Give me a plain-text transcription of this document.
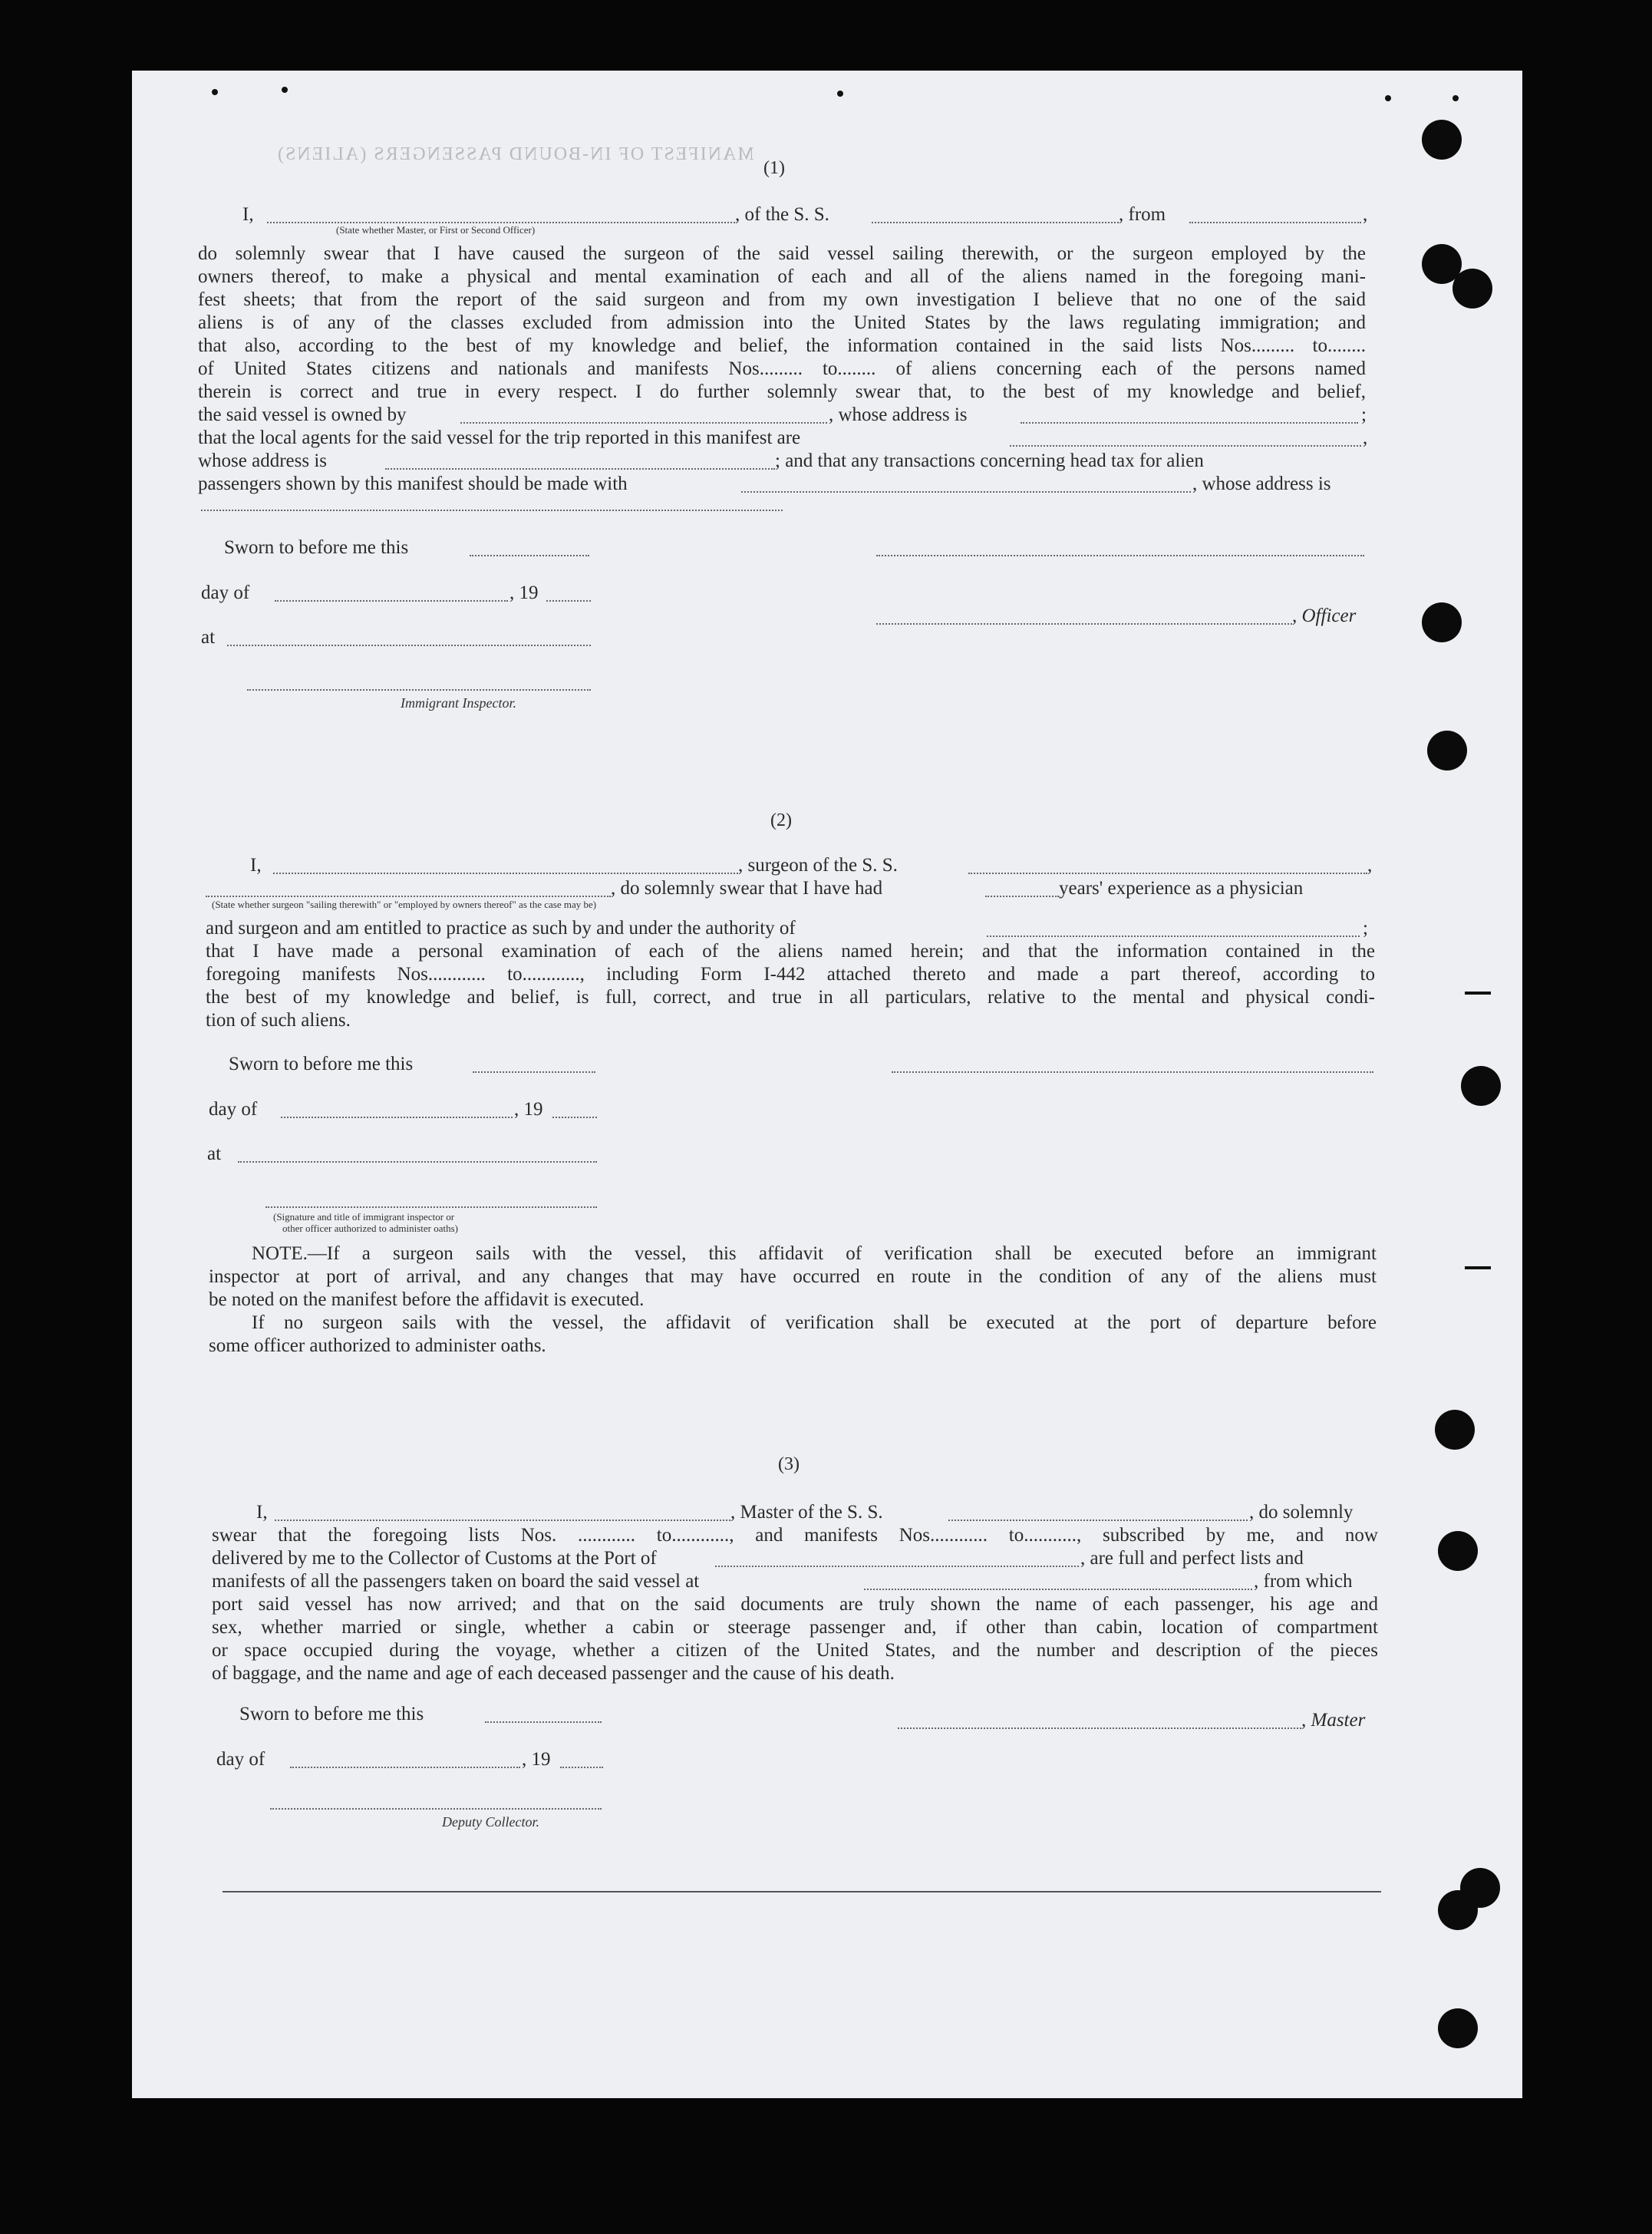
MANIFEST OF IN-BOUND PASSENGERS (ALIENS)
(1)
I,	, of the S. S.	, from	,
(State whether Master, or First or Second Officer)
do solemnly swear that I have caused the surgeon of the said vessel sailing therewith, or the surgeon employed by the
owners thereof, to make a physical and mental examination of each and all of the aliens named in the foregoing mani-
fest sheets; that from the report of the said surgeon and from my own investigation I believe that no one of the said
aliens is of any of the classes excluded from admission into the United States by the laws regulating immigration; and
that also, according to the best of my knowledge and belief, the information contained in the said lists Nos......... to........
of United States citizens and nationals and manifests Nos......... to........ of aliens concerning each of the persons named
therein is correct and true in every respect. I do further solemnly swear that, to the best of my knowledge and belief,
the said vessel is owned by	, whose address is	;
that the local agents for the said vessel for the trip reported in this manifest are	,
whose address is	; and that any transactions concerning head tax for alien
passengers shown by this manifest should be made with	, whose address is
Sworn to before me this
day of	, 19
, Officer
at
Immigrant Inspector.
(2)
I,	, surgeon of the S. S.	,
, do solemnly swear that I have had	years' experience as a physician
(State whether surgeon "sailing therewith" or "employed by owners thereof" as the case may be)
and surgeon and am entitled to practice as such by and under the authority of	;
that I have made a personal examination of each of the aliens named herein; and that the information contained in the
foregoing manifests Nos............ to............, including Form I-442 attached thereto and made a part thereof, according to
the best of my knowledge and belief, is full, correct, and true in all particulars, relative to the mental and physical condi-
tion of such aliens.
Sworn to before me this
day of	, 19
at
(Signature and title of immigrant inspector or
other officer authorized to administer oaths)
NOTE.—If a surgeon sails with the vessel, this affidavit of verification shall be executed before an immigrant
inspector at port of arrival, and any changes that may have occurred en route in the condition of any of the aliens must
be noted on the manifest before the affidavit is executed.
If no surgeon sails with the vessel, the affidavit of verification shall be executed at the port of departure before
some officer authorized to administer oaths.
(3)
I,	, Master of the S. S.	, do solemnly
swear that the foregoing lists Nos. ............ to............, and manifests Nos............ to..........., subscribed by me, and now
delivered by me to the Collector of Customs at the Port of	, are full and perfect lists and
manifests of all the passengers taken on board the said vessel at	, from which
port said vessel has now arrived; and that on the said documents are truly shown the name of each passenger, his age and
sex, whether married or single, whether a cabin or steerage passenger and, if other than cabin, location of compartment
or space occupied during the voyage, whether a citizen of the United States, and the number and description of the pieces
of baggage, and the name and age of each deceased passenger and the cause of his death.
Sworn to before me this	, Master
day of	, 19
Deputy Collector.
